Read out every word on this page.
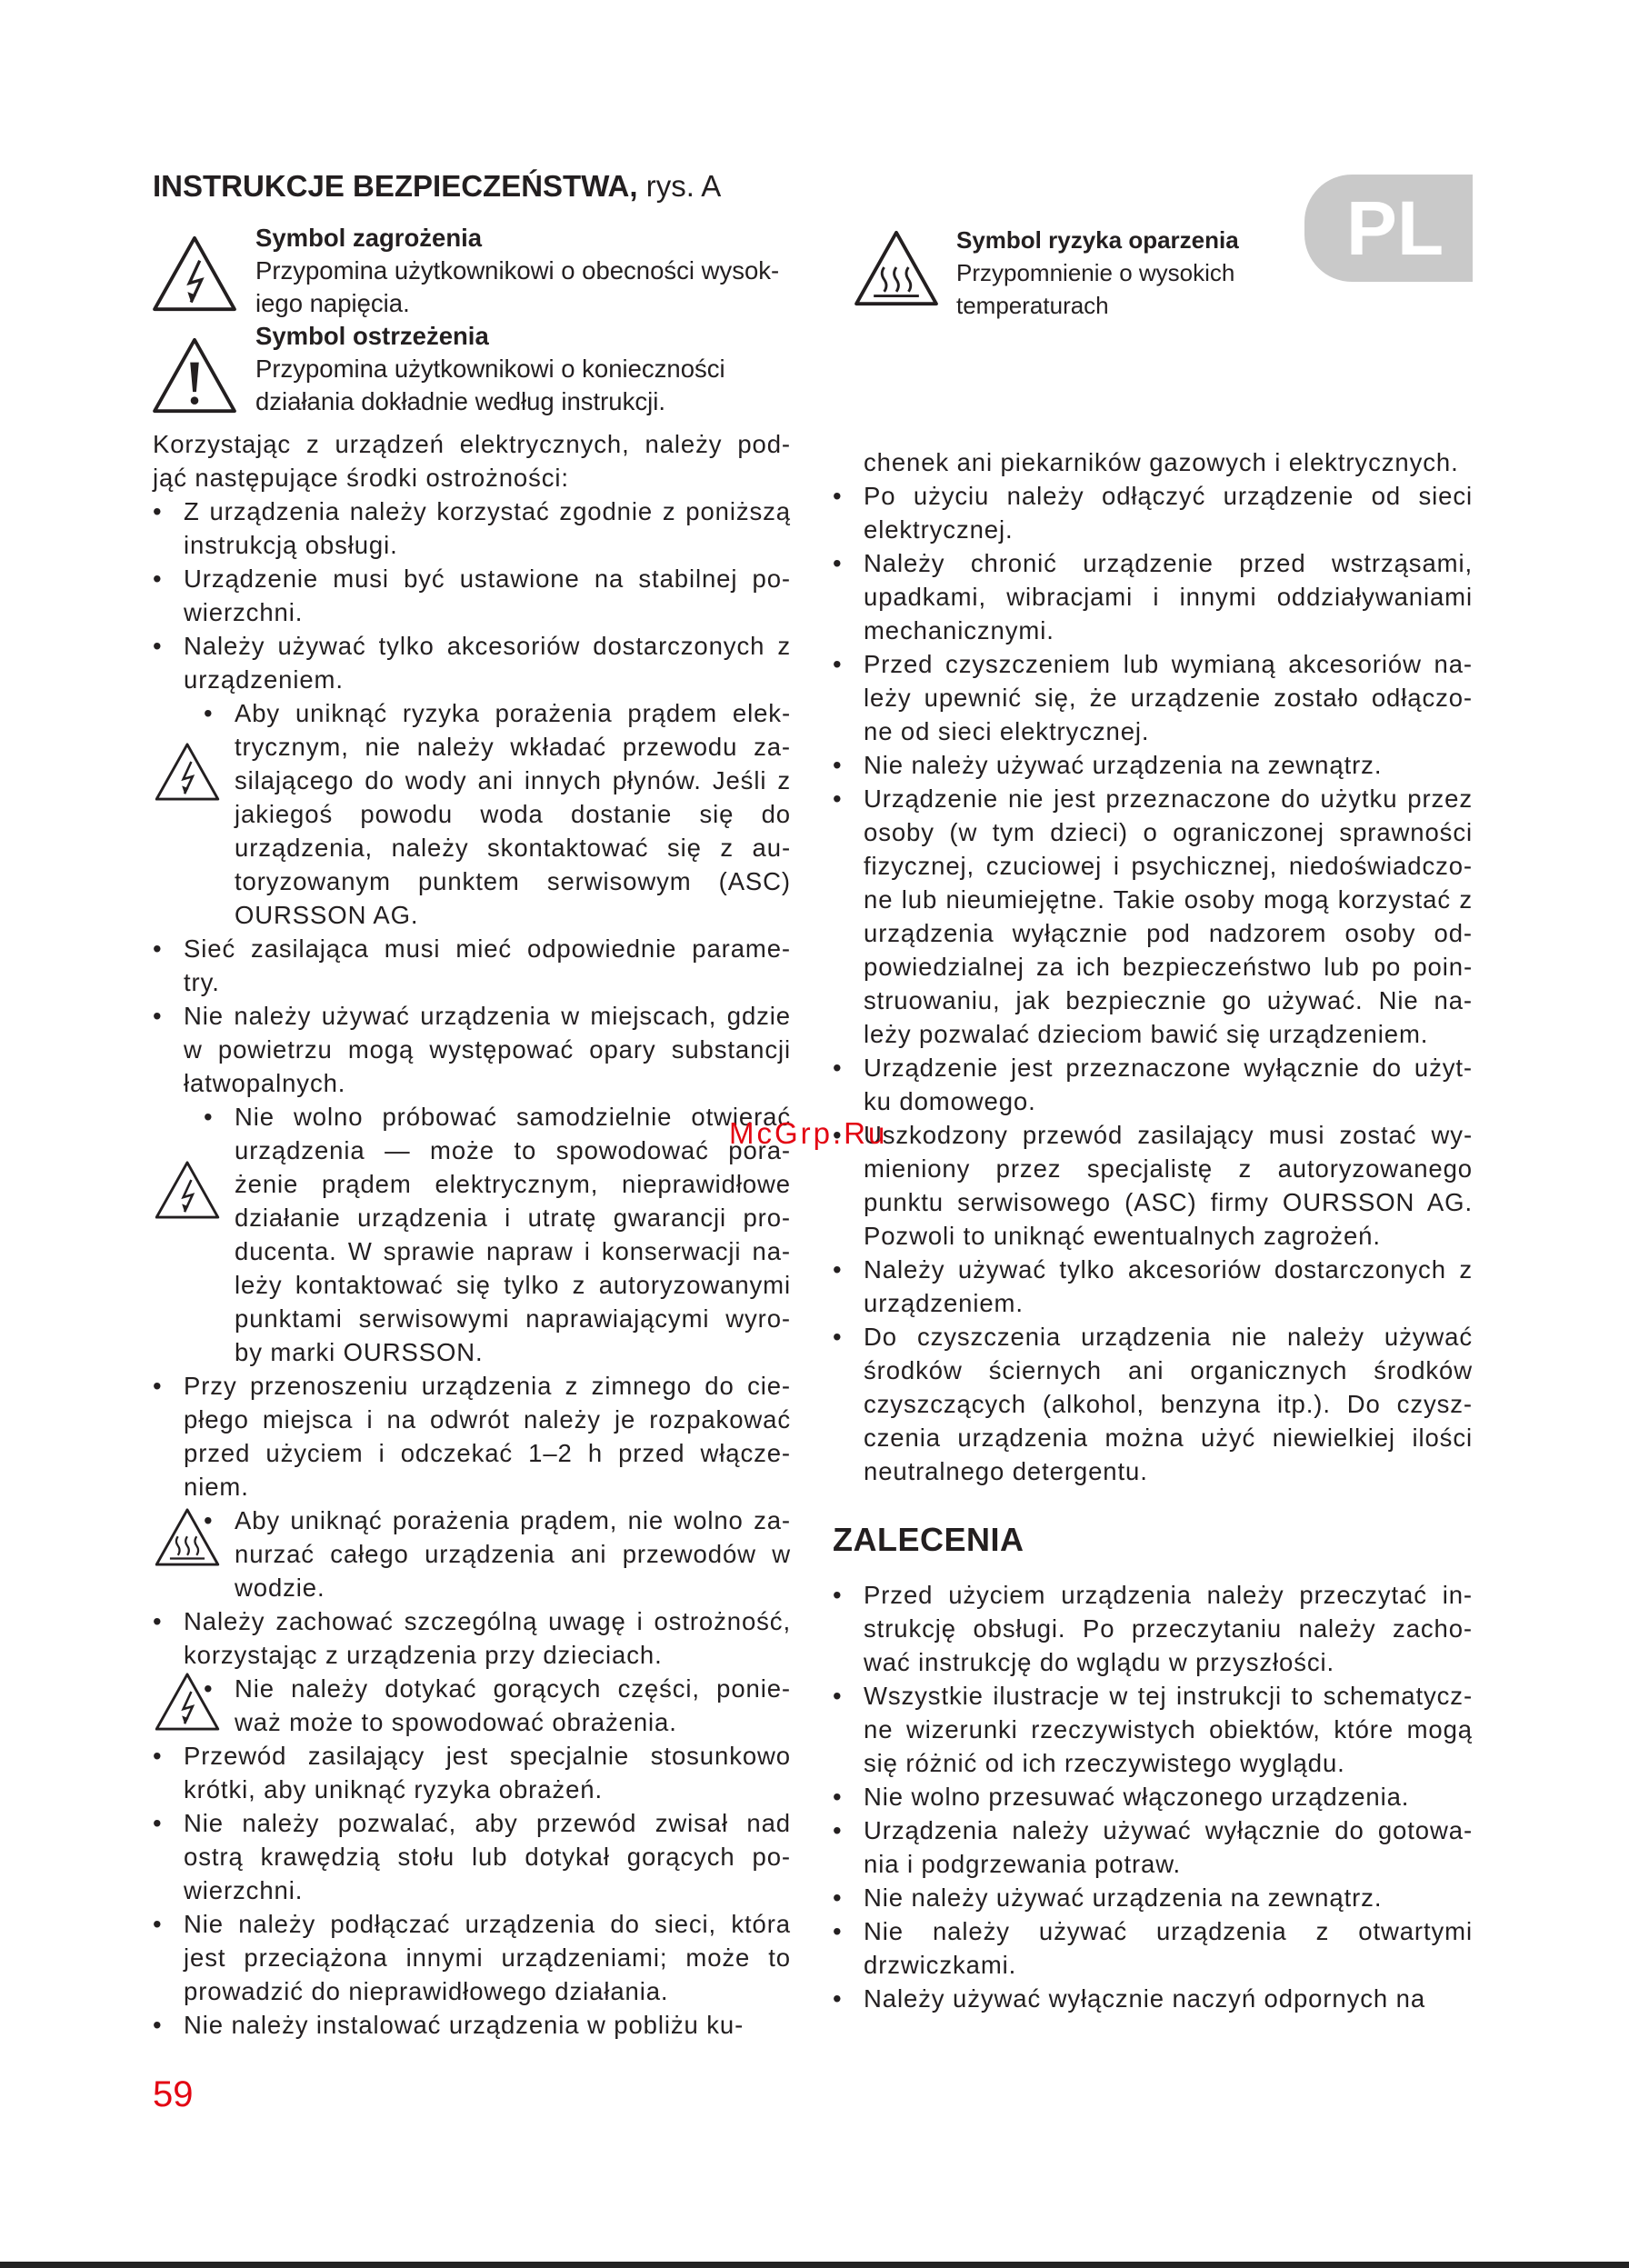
INSTRUKCJE BEZPIECZEŃSTWA, rys. A	PL
Symbol zagrożenia
Przypomina użytkownikowi o obecności wysok-
iego napięcia.
Symbol ostrzeżenia
Przypomina użytkownikowi o konieczności
działania dokładnie według instrukcji.
Symbol ryzyka oparzenia
Przypomnienie o wysokich
temperaturach

Korzystając z urządzeń elektrycznych, należy pod- jąć następujące środki ostrożności:

• Z urządzenia należy korzystać zgodnie z poniższą instrukcją obsługi.
• Urządzenie musi być ustawione na stabilnej po- wierzchni.
• Należy używać tylko akcesoriów dostarczonych z urządzeniem.
• Aby uniknąć ryzyka porażenia prądem elek- trycznym, nie należy wkładać przewodu za- silającego do wody ani innych płynów. Jeśli z jakiegoś powodu woda dostanie się do urządzenia, należy skontaktować się z au- toryzowanym punktem serwisowym (ASC) OURSSON AG.
• Sieć zasilająca musi mieć odpowiednie parame- try.
• Nie należy używać urządzenia w miejscach, gdzie w powietrzu mogą występować opary substancji łatwopalnych.
• Nie wolno próbować samodzielnie otwierać urządzenia — może to spowodować pora- żenie prądem elektrycznym, nieprawidłowe działanie urządzenia i utratę gwarancji pro- ducenta. W sprawie napraw i konserwacji na- leży kontaktować się tylko z autoryzowanymi punktami serwisowymi naprawiającymi wyro- by marki OURSSON.
• Przy przenoszeniu urządzenia z zimnego do cie- płego miejsca i na odwrót należy je rozpakować przed użyciem i odczekać 1–2 h przed włącze- niem.
• Aby uniknąć porażenia prądem, nie wolno za- nurzać całego urządzenia ani przewodów w wodzie.
• Należy zachować szczególną uwagę i ostrożność, korzystając z urządzenia przy dzieciach.
• Nie należy dotykać gorących części, ponie- waż może to spowodować obrażenia.
• Przewód zasilający jest specjalnie stosunkowo krótki, aby uniknąć ryzyka obrażeń.
• Nie należy pozwalać, aby przewód zwisał nad ostrą krawędzią stołu lub dotykał gorących po- wierzchni.
• Nie należy podłączać urządzenia do sieci, która jest przeciążona innymi urządzeniami; może to prowadzić do nieprawidłowego działania.
• Nie należy instalować urządzenia w pobliżu ku-
chenek ani piekarników gazowych i elektrycznych.
• Po użyciu należy odłączyć urządzenie od sieci elektrycznej.
• Należy chronić urządzenie przed wstrząsami, upadkami, wibracjami i innymi oddziaływaniami mechanicznymi.
• Przed czyszczeniem lub wymianą akcesoriów na- leży upewnić się, że urządzenie zostało odłączo- ne od sieci elektrycznej.
• Nie należy używać urządzenia na zewnątrz.
• Urządzenie nie jest przeznaczone do użytku przez osoby (w tym dzieci) o ograniczonej sprawności fizycznej, czuciowej i psychicznej, niedoświadczo- ne lub nieumiejętne. Takie osoby mogą korzystać z urządzenia wyłącznie pod nadzorem osoby od- powiedzialnej za ich bezpieczeństwo lub po poin- struowaniu, jak bezpiecznie go używać. Nie na- leży pozwalać dzieciom bawić się urządzeniem.
• Urządzenie jest przeznaczone wyłącznie do użyt- ku domowego.
• Uszkodzony przewód zasilający musi zostać wy- mieniony przez specjalistę z autoryzowanego punktu serwisowego (ASC) firmy OURSSON AG. Pozwoli to uniknąć ewentualnych zagrożeń.
• Należy używać tylko akcesoriów dostarczonych z urządzeniem.
• Do czyszczenia urządzenia nie należy używać środków ściernych ani organicznych środków czyszczących (alkohol, benzyna itp.). Do czysz- czenia urządzenia można użyć niewielkiej ilości neutralnego detergentu.

ZALECENIA

• Przed użyciem urządzenia należy przeczytać in- strukcję obsługi. Po przeczytaniu należy zacho- wać instrukcję do wglądu w przyszłości.
• Wszystkie ilustracje w tej instrukcji to schematycz- ne wizerunki rzeczywistych obiektów, które mogą się różnić od ich rzeczywistego wyglądu.
• Nie wolno przesuwać włączonego urządzenia.
• Urządzenia należy używać wyłącznie do gotowa- nia i podgrzewania potraw.
• Nie należy używać urządzenia na zewnątrz.
• Nie należy używać urządzenia z otwartymi drzwiczkami.
• Należy używać wyłącznie naczyń odpornych na
McGrp.Ru
59
